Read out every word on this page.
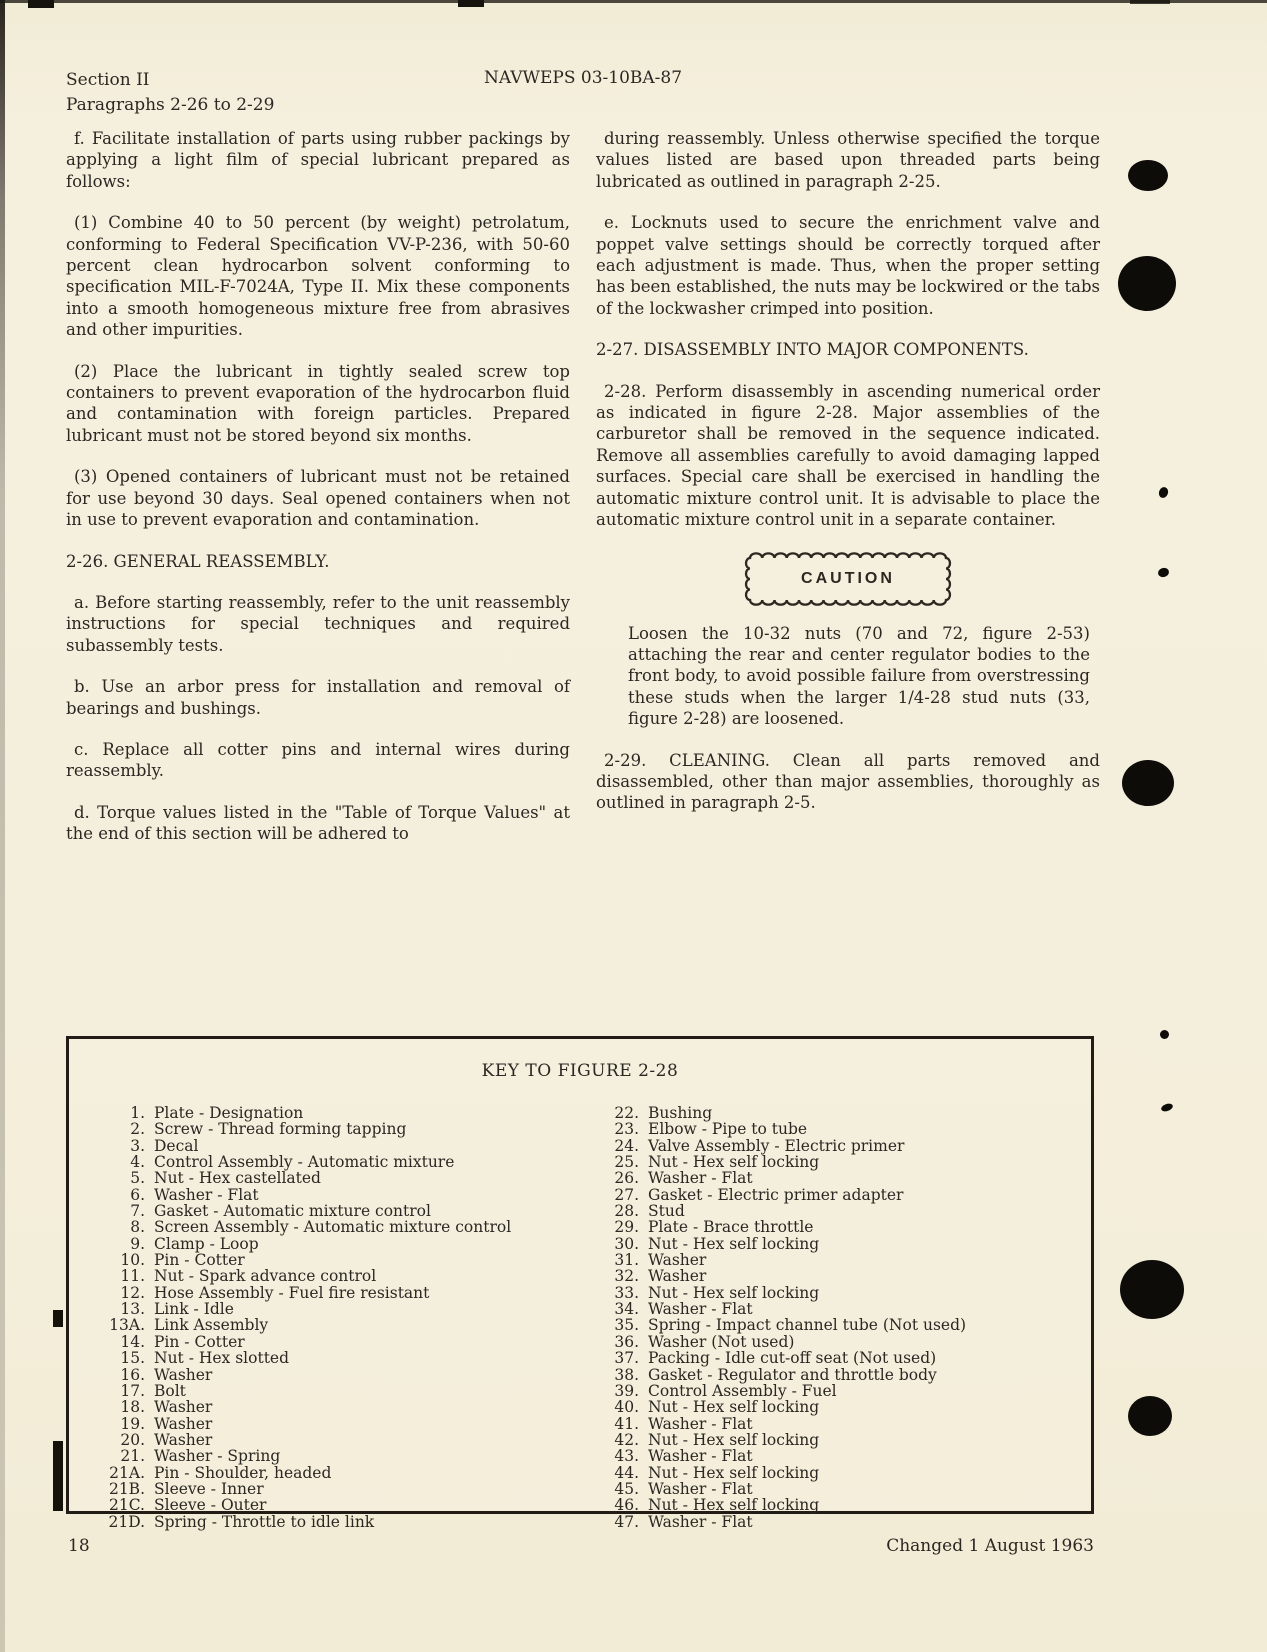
Section II
Paragraphs 2-26 to 2-29
NAVWEPS 03-10BA-87

f. Facilitate installation of parts using rubber packings by applying a light film of special lubricant prepared as follows:

(1) Combine 40 to 50 percent (by weight) petrolatum, conforming to Federal Specification VV-P-236, with 50-60 percent clean hydrocarbon solvent conforming to specification MIL-F-7024A, Type II. Mix these components into a smooth homogeneous mixture free from abrasives and other impurities.

(2) Place the lubricant in tightly sealed screw top containers to prevent evaporation of the hydrocarbon fluid and contamination with foreign particles. Prepared lubricant must not be stored beyond six months.

(3) Opened containers of lubricant must not be retained for use beyond 30 days. Seal opened containers when not in use to prevent evaporation and contamination.

2-26. GENERAL REASSEMBLY.

a. Before starting reassembly, refer to the unit reassembly instructions for special techniques and required subassembly tests.

b. Use an arbor press for installation and removal of bearings and bushings.

c. Replace all cotter pins and internal wires during reassembly.

d. Torque values listed in the "Table of Torque Values" at the end of this section will be adhered to

during reassembly. Unless otherwise specified the torque values listed are based upon threaded parts being lubricated as outlined in paragraph 2-25.

e. Locknuts used to secure the enrichment valve and poppet valve settings should be correctly torqued after each adjustment is made. Thus, when the proper setting has been established, the nuts may be lockwired or the tabs of the lockwasher crimped into position.

2-27. DISASSEMBLY INTO MAJOR COMPONENTS.

2-28. Perform disassembly in ascending numerical order as indicated in figure 2-28. Major assemblies of the carburetor shall be removed in the sequence indicated. Remove all assemblies carefully to avoid damaging lapped surfaces. Special care shall be exercised in handling the automatic mixture control unit. It is advisable to place the automatic mixture control unit in a separate container.

CAUTION

Loosen the 10-32 nuts (70 and 72, figure 2-53) attaching the rear and center regulator bodies to the front body, to avoid possible failure from overstressing these studs when the larger 1/4-28 stud nuts (33, figure 2-28) are loosened.

2-29. CLEANING. Clean all parts removed and disassembled, other than major assemblies, thoroughly as outlined in paragraph 2-5.

KEY TO FIGURE 2-28
1. Plate - Designation
2. Screw - Thread forming tapping
3. Decal
4. Control Assembly - Automatic mixture
5. Nut - Hex castellated
6. Washer - Flat
7. Gasket - Automatic mixture control
8. Screen Assembly - Automatic mixture control
9. Clamp - Loop
10. Pin - Cotter
11. Nut - Spark advance control
12. Hose Assembly - Fuel fire resistant
13. Link - Idle
13A. Link Assembly
14. Pin - Cotter
15. Nut - Hex slotted
16. Washer
17. Bolt
18. Washer
19. Washer
20. Washer
21. Washer - Spring
21A. Pin - Shoulder, headed
21B. Sleeve - Inner
21C. Sleeve - Outer
21D. Spring - Throttle to idle link
22. Bushing
23. Elbow - Pipe to tube
24. Valve Assembly - Electric primer
25. Nut - Hex self locking
26. Washer - Flat
27. Gasket - Electric primer adapter
28. Stud
29. Plate - Brace throttle
30. Nut - Hex self locking
31. Washer
32. Washer
33. Nut - Hex self locking
34. Washer - Flat
35. Spring - Impact channel tube (Not used)
36. Washer (Not used)
37. Packing - Idle cut-off seat (Not used)
38. Gasket - Regulator and throttle body
39. Control Assembly - Fuel
40. Nut - Hex self locking
41. Washer - Flat
42. Nut - Hex self locking
43. Washer - Flat
44. Nut - Hex self locking
45. Washer - Flat
46. Nut - Hex self locking
47. Washer - Flat
18	Changed 1 August 1963
